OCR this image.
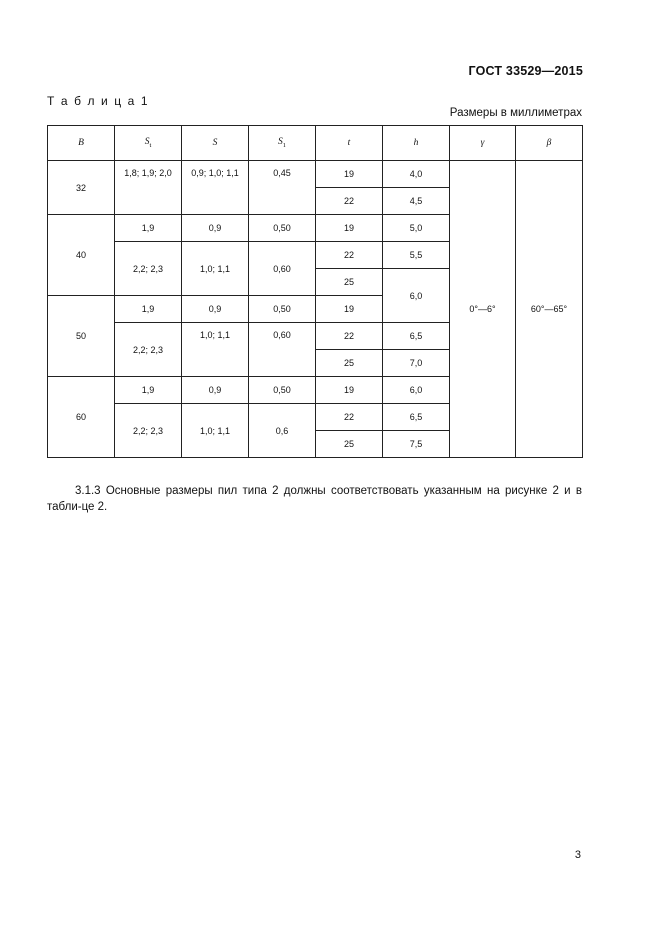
ГОСТ 33529—2015
Т а б л и ц а 1
Размеры в миллиметрах
B	$S_t$	S	$S_1$	t	h	γ	β
32	1,8; 1,9; 2,0	0,9; 1,0; 1,1	0,45	19	4,0	0°—6°	60°—65°
				22	4,5		
40	1,9	0,9	0,50	19	5,0		
	2,2; 2,3	1,0; 1,1	0,60	22	5,5		
				25	6,0		
50	1,9	0,9	0,50	19			
	2,2; 2,3	1,0; 1,1	0,60	22	6,5		
				25	7,0		
60	1,9	0,9	0,50	19	6,0		
	2,2; 2,3	1,0; 1,1	0,6	22	6,5		
				25	7,5		

3.1.3 Основные размеры пил типа 2 должны соответствовать указанным на рисунке 2 и в табли-це 2.

3
